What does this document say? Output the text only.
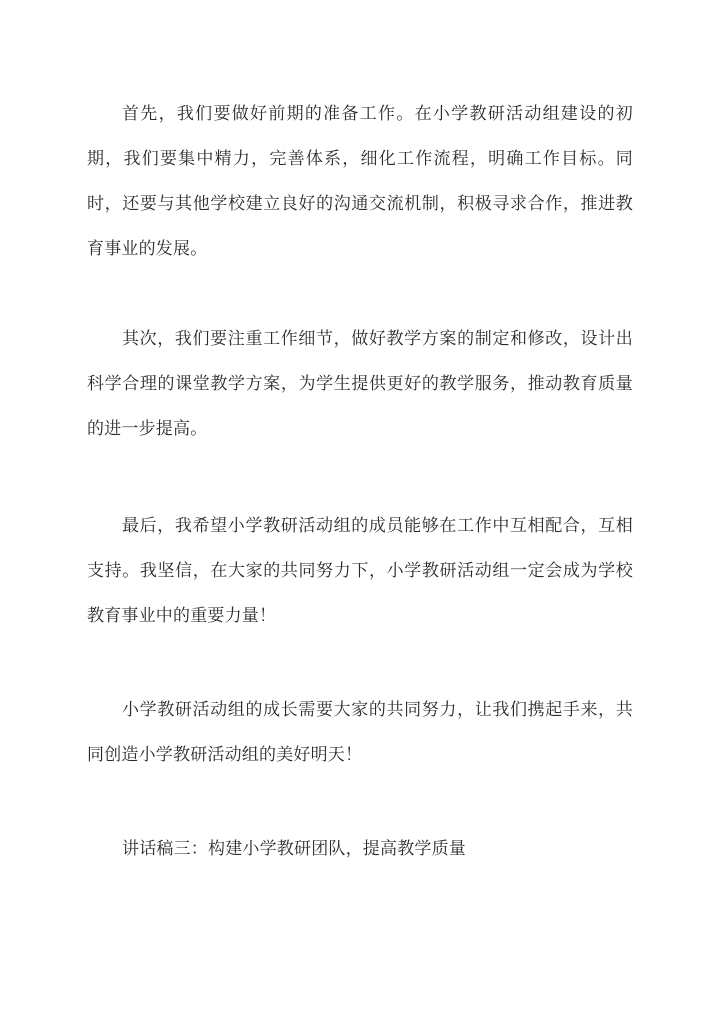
首先，我们要做好前期的准备工作。在小学教研活动组建设的初期，我们要集中精力，完善体系，细化工作流程，明确工作目标。同时，还要与其他学校建立良好的沟通交流机制，积极寻求合作，推进教育事业的发展。

其次，我们要注重工作细节，做好教学方案的制定和修改，设计出科学合理的课堂教学方案，为学生提供更好的教学服务，推动教育质量的进一步提高。

最后，我希望小学教研活动组的成员能够在工作中互相配合，互相支持。我坚信，在大家的共同努力下，小学教研活动组一定会成为学校教育事业中的重要力量！

小学教研活动组的成长需要大家的共同努力，让我们携起手来，共同创造小学教研活动组的美好明天！

讲话稿三：构建小学教研团队，提高教学质量
